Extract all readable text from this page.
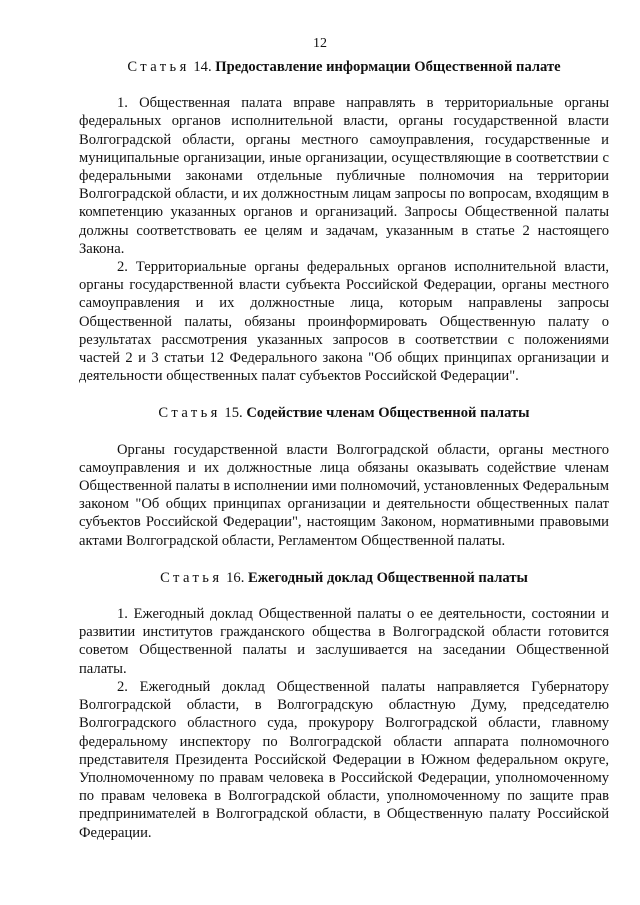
12
Статья 14. Предоставление информации Общественной палате

1. Общественная палата вправе направлять в территориальные органы федеральных органов исполнительной власти, органы государственной власти Волгоградской области, органы местного самоуправления, государственные и муниципальные организации, иные организации, осуществляющие в соответствии с федеральными законами отдельные публичные полномочия на территории Волгоградской области, и их должностным лицам запросы по вопросам, входящим в компетенцию указанных органов и организаций. Запросы Общественной палаты должны соответствовать ее целям и задачам, указанным в статье 2 настоящего Закона.

2. Территориальные органы федеральных органов исполнительной власти, органы государственной власти субъекта Российской Федерации, органы местного самоуправления и их должностные лица, которым направлены запросы Общественной палаты, обязаны проинформировать Общественную палату о результатах рассмотрения указанных запросов в соответствии с положениями частей 2 и 3 статьи 12 Федерального закона "Об общих принципах организации и деятельности общественных палат субъектов Российской Федерации".

Статья 15. Содействие членам Общественной палаты

Органы государственной власти Волгоградской области, органы местного самоуправления и их должностные лица обязаны оказывать содействие членам Общественной палаты в исполнении ими полномочий, установленных Федеральным законом "Об общих принципах организации и деятельности общественных палат субъектов Российской Федерации", настоящим Законом, нормативными правовыми актами Волгоградской области, Регламентом Общественной палаты.

Статья 16. Ежегодный доклад Общественной палаты

1. Ежегодный доклад Общественной палаты о ее деятельности, состоянии и развитии институтов гражданского общества в Волгоградской области готовится советом Общественной палаты и заслушивается на заседании Общественной палаты.

2. Ежегодный доклад Общественной палаты направляется Губернатору Волгоградской области, в Волгоградскую областную Думу, председателю Волгоградского областного суда, прокурору Волгоградской области, главному федеральному инспектору по Волгоградской области аппарата полномочного представителя Президента Российской Федерации в Южном федеральном округе, Уполномоченному по правам человека в Российской Федерации, уполномоченному по правам человека в Волгоградской области, уполномоченному по защите прав предпринимателей в Волгоградской области, в Общественную палату Российской Федерации.
